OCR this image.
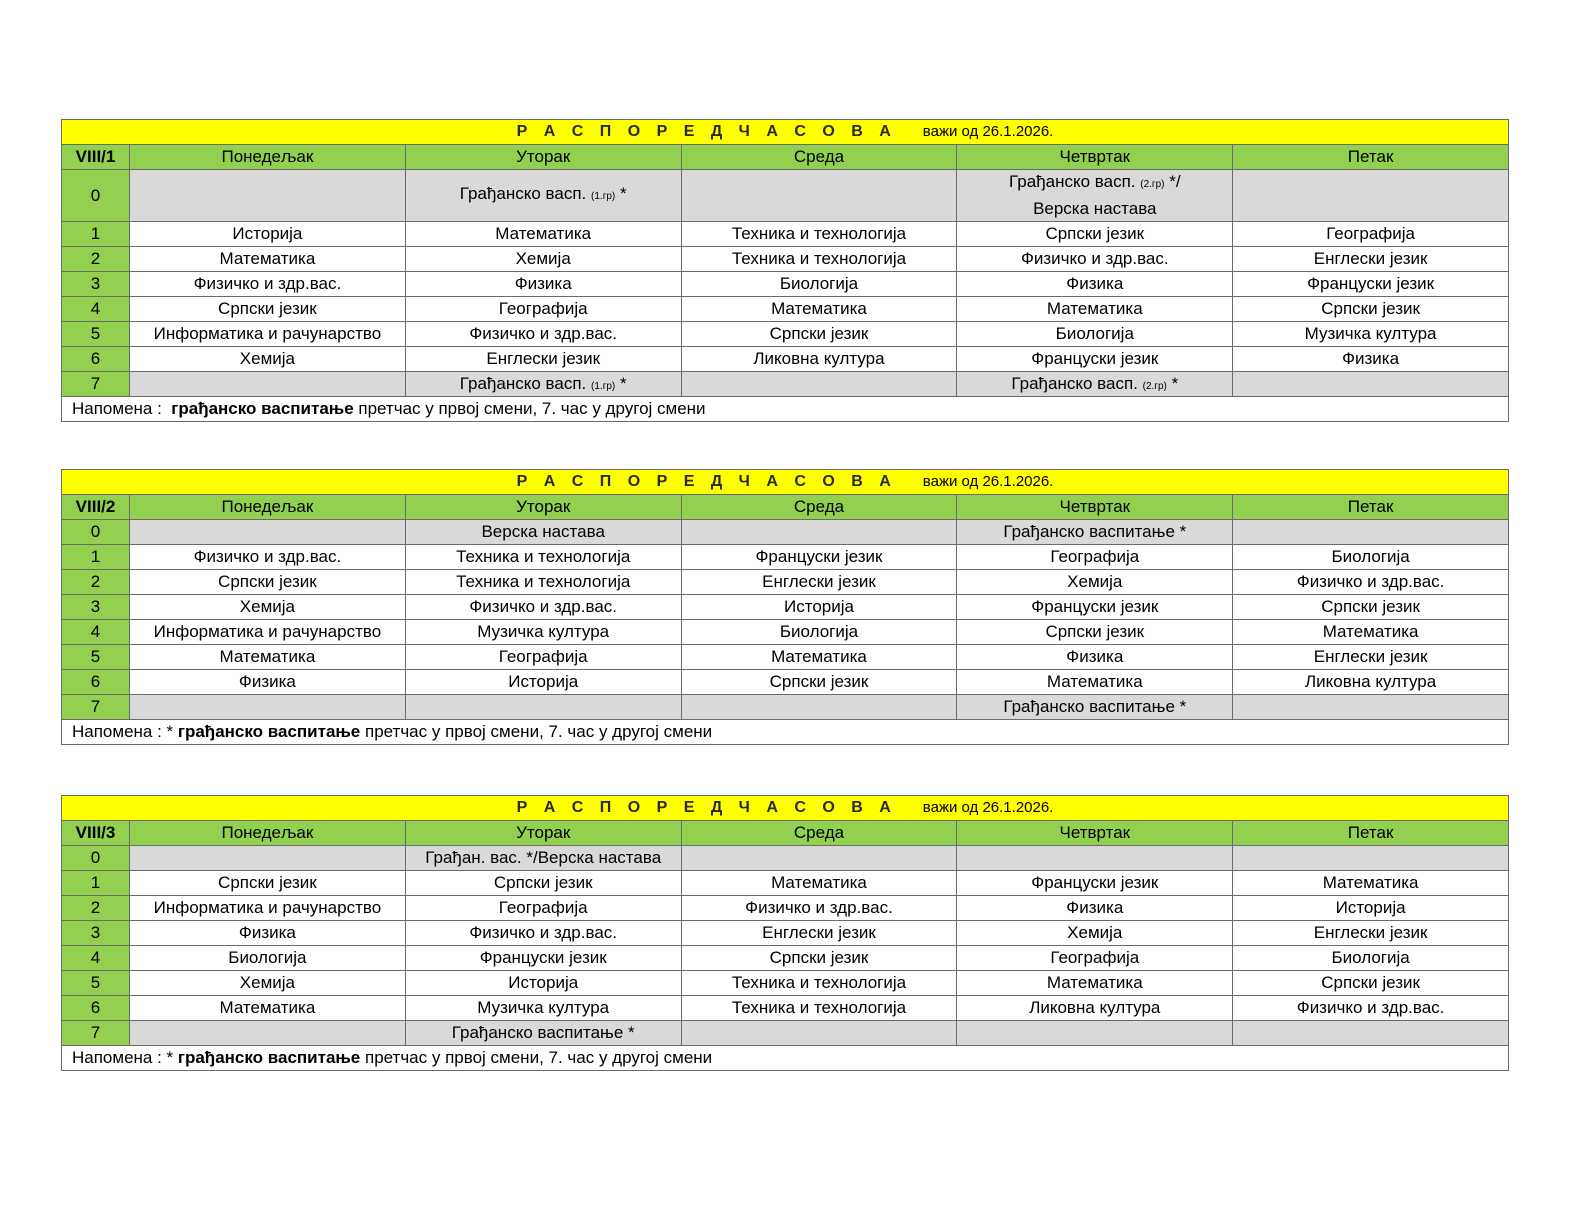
Р А С П О Р Е Д Ч А С О В А важи од 26.1.2026.					
VIII/1	Понедељак	Уторак	Среда	Четвртак	Петак
0		Грађанско васп. (1.гр) *		Грађанско васп. (2.гр) */
Верска настава	
1	Историја	Математика	Техника и технологија	Српски језик	Географија
2	Математика	Хемија	Техника и технологија	Физичко и здр.вас.	Енглески језик
3	Физичко и здр.вас.	Физика	Биологија	Физика	Француски језик
4	Српски језик	Географија	Математика	Математика	Српски језик
5	Информатика и рачунарство	Физичко и здр.вас.	Српски језик	Биологија	Музичка култура
6	Хемија	Енглески језик	Ликовна култура	Француски језик	Физика
7		Грађанско васп. (1.гр) *		Грађанско васп. (2.гр) *	
Напомена :  грађанско васпитање претчас у првој смени, 7. час у другој смени					
Р А С П О Р Е Д Ч А С О В А важи од 26.1.2026.					
VIII/2	Понедељак	Уторак	Среда	Четвртак	Петак
0		Верска настава		Грађанско васпитање *	
1	Физичко и здр.вас.	Техника и технологија	Француски језик	Географија	Биологија
2	Српски језик	Техника и технологија	Енглески језик	Хемија	Физичко и здр.вас.
3	Хемија	Физичко и здр.вас.	Историја	Француски језик	Српски језик
4	Информатика и рачунарство	Музичка култура	Биологија	Српски језик	Математика
5	Математика	Географија	Математика	Физика	Енглески језик
6	Физика	Историја	Српски језик	Математика	Ликовна култура
7				Грађанско васпитање *	
Напомена : * грађанско васпитање претчас у првој смени, 7. час у другој смени					
Р А С П О Р Е Д Ч А С О В А важи од 26.1.2026.					
VIII/3	Понедељак	Уторак	Среда	Четвртак	Петак
0		Грађан. вас. */Верска настава			
1	Српски језик	Српски језик	Математика	Француски језик	Математика
2	Информатика и рачунарство	Географија	Физичко и здр.вас.	Физика	Историја
3	Физика	Физичко и здр.вас.	Енглески језик	Хемија	Енглески језик
4	Биологија	Француски језик	Српски језик	Географија	Биологија
5	Хемија	Историја	Техника и технологија	Математика	Српски језик
6	Математика	Музичка култура	Техника и технологија	Ликовна култура	Физичко и здр.вас.
7		Грађанско васпитање *			
Напомена : * грађанско васпитање претчас у првој смени, 7. час у другој смени					
